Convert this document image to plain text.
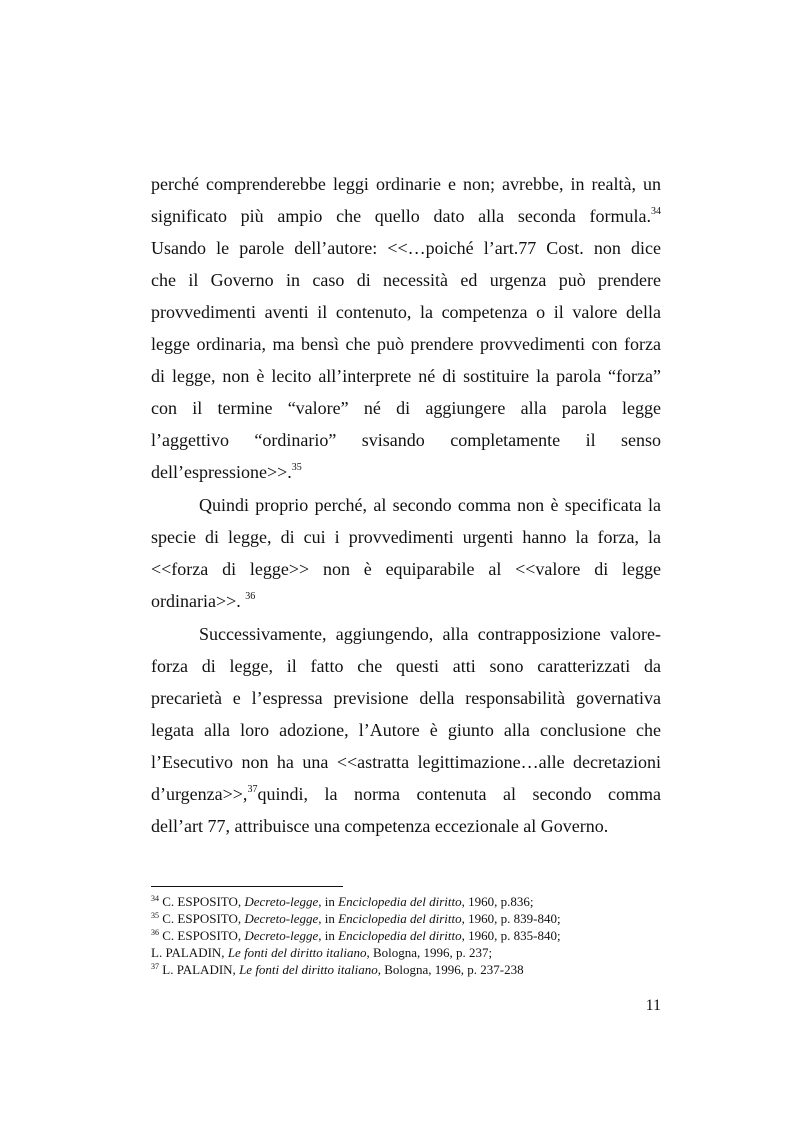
perché comprenderebbe leggi ordinarie e non; avrebbe, in realtà, un
significato più ampio che quello dato alla seconda formula.$^{34}$
Usando le parole dell’autore: <<…poiché l’art.77 Cost. non dice
che il Governo in caso di necessità ed urgenza può prendere
provvedimenti aventi il contenuto, la competenza o il valore della
legge ordinaria, ma bensì che può prendere provvedimenti con forza
di legge, non è lecito all’interprete né di sostituire la parola “forza”
con il termine “valore” né di aggiungere alla parola legge
l’aggettivo “ordinario” svisando completamente il senso
dell’espressione>>.$^{35}$
Quindi proprio perché, al secondo comma non è specificata la
specie di legge, di cui i provvedimenti urgenti hanno la forza, la
<<forza di legge>> non è equiparabile al <<valore di legge
ordinaria>>. $^{36}$
Successivamente, aggiungendo, alla contrapposizione valore-
forza di legge, il fatto che questi atti sono caratterizzati da
precarietà e l’espressa previsione della responsabilità governativa
legata alla loro adozione, l’Autore è giunto alla conclusione che
l’Esecutivo non ha una <<astratta legittimazione…alle decretazioni
d’urgenza>>,$^{37}$quindi, la norma contenuta al secondo comma
dell’art 77, attribuisce una competenza eccezionale al Governo.
$^{34}$ C. ESPOSITO, Decreto-legge, in Enciclopedia del diritto, 1960, p.836;
$^{35}$ C. ESPOSITO, Decreto-legge, in Enciclopedia del diritto, 1960, p. 839-840;
$^{36}$ C. ESPOSITO, Decreto-legge, in Enciclopedia del diritto, 1960, p. 835-840;
L. PALADIN, Le fonti del diritto italiano, Bologna, 1996, p. 237;
$^{37}$ L. PALADIN, Le fonti del diritto italiano, Bologna, 1996, p. 237-238
11
